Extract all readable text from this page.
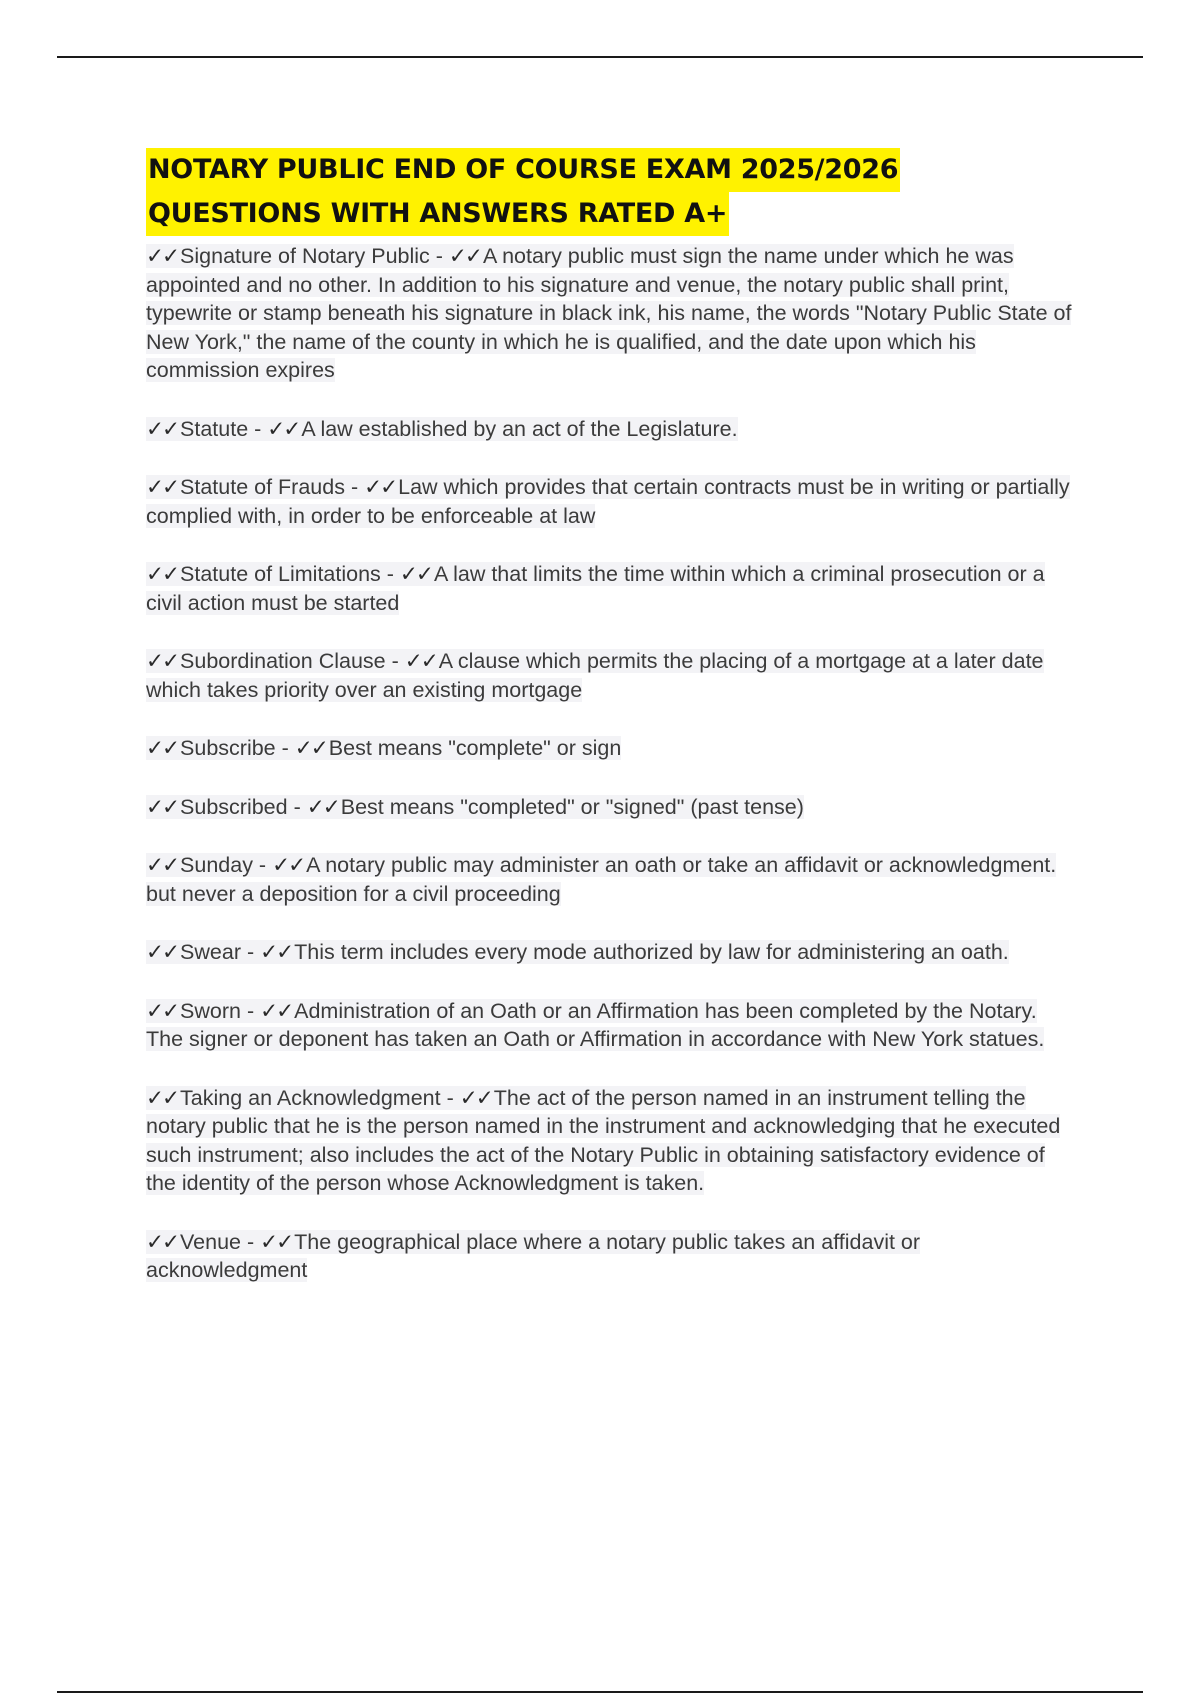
NOTARY PUBLIC END OF COURSE EXAM 2025/2026
QUESTIONS WITH ANSWERS RATED A+

✓✓Signature of Notary Public - ✓✓A notary public must sign the name under which he was appointed and no other. In addition to his signature and venue, the notary public shall print, typewrite or stamp beneath his signature in black ink, his name, the words "Notary Public State of New York," the name of the county in which he is qualified, and the date upon which his commission expires

✓✓Statute - ✓✓A law established by an act of the Legislature.

✓✓Statute of Frauds - ✓✓Law which provides that certain contracts must be in writing or partially complied with, in order to be enforceable at law

✓✓Statute of Limitations - ✓✓A law that limits the time within which a criminal prosecution or a civil action must be started

✓✓Subordination Clause - ✓✓A clause which permits the placing of a mortgage at a later date which takes priority over an existing mortgage

✓✓Subscribe - ✓✓Best means "complete" or sign

✓✓Subscribed - ✓✓Best means "completed" or "signed" (past tense)

✓✓Sunday - ✓✓A notary public may administer an oath or take an affidavit or acknowledgment. but never a deposition for a civil proceeding

✓✓Swear - ✓✓This term includes every mode authorized by law for administering an oath.

✓✓Sworn - ✓✓Administration of an Oath or an Affirmation has been completed by the Notary. The signer or deponent has taken an Oath or Affirmation in accordance with New York statues.

✓✓Taking an Acknowledgment - ✓✓The act of the person named in an instrument telling the notary public that he is the person named in the instrument and acknowledging that he executed such instrument; also includes the act of the Notary Public in obtaining satisfactory evidence of the identity of the person whose Acknowledgment is taken.

✓✓Venue - ✓✓The geographical place where a notary public takes an affidavit or acknowledgment
